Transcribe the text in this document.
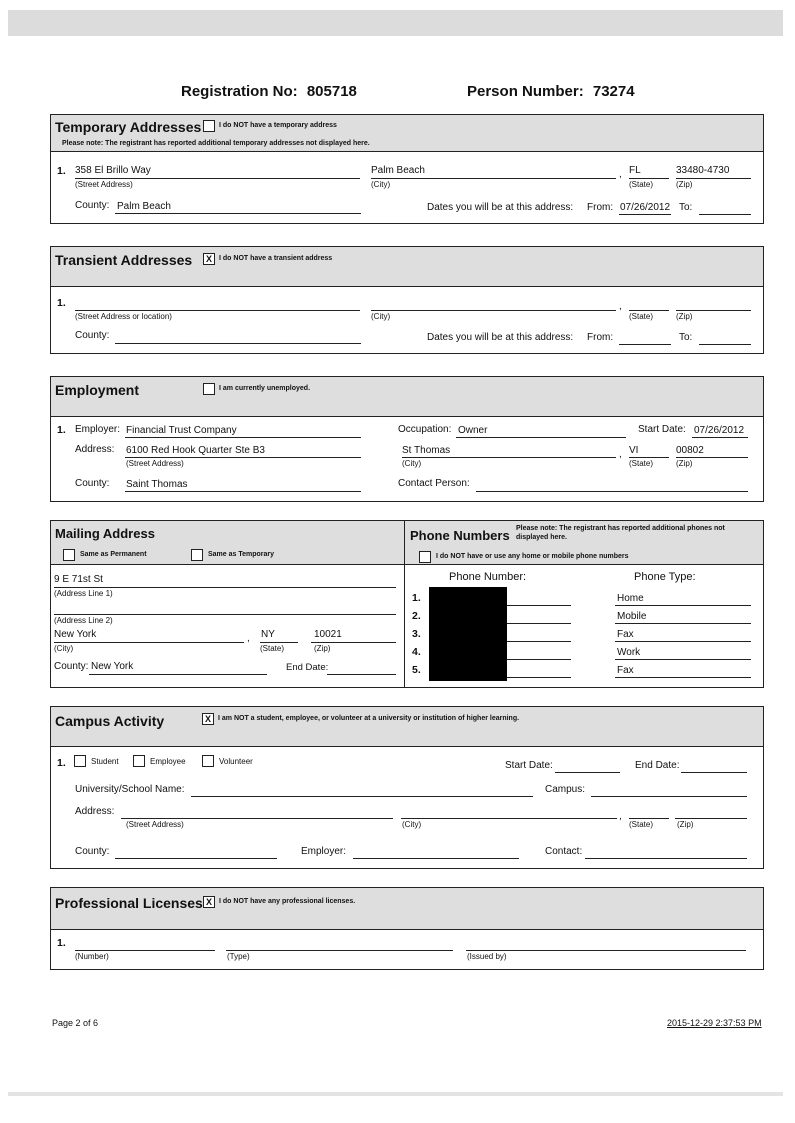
Registration No: 805718	Person Number: 73274
Temporary Addresses	I do NOT have a temporary address
Please note: The registrant has reported additional temporary addresses not displayed here.
1. 358 El Brillo Way
(Street Address)
Palm Beach
(City)
, FL
(State)
33480-4730
(Zip)
County: Palm Beach	Dates you will be at this address: From: 07/26/2012 To:
Transient Addresses	X	I do NOT have a transient address
1.
(Street Address or location)	(City)
,
(State)	(Zip)
County:	Dates you will be at this address: From:	To:
Employment	I am currently unemployed.
1. Employer: Financial Trust Company	Occupation: Owner	Start Date: 07/26/2012
Address: 6100 Red Hook Quarter Ste B3
(Street Address)
St Thomas
(City)
, VI
(State)
00802
(Zip)
County: Saint Thomas	Contact Person:
Mailing Address
Same as Permanent	Same as Temporary
9 E 71st St
(Address Line 1)
(Address Line 2)
New York
(City)
, NY
(State)
10021
(Zip)
County: New York	End Date:
Phone Numbers Please note: The registrant has reported additional phones not displayed here.
I do NOT have or use any home or mobile phone numbers
Phone Number:	Phone Type:
1.	Home
2.	Mobile
3.	Fax
4.	Work
5.	Fax
Campus Activity	X	I am NOT a student, employee, or volunteer at a university or institution of higher learning.
1.	Student	Employee	Volunteer	Start Date:	End Date:
University/School Name:	Campus:
Address:
(Street Address)	(City)
,
(State)	(Zip)
County:	Employer:	Contact:
Professional Licenses X	I do NOT have any professional licenses.
1.
(Number)	(Type)	(Issued by)
Page 2 of 6	2015-12-29 2:37:53 PM
